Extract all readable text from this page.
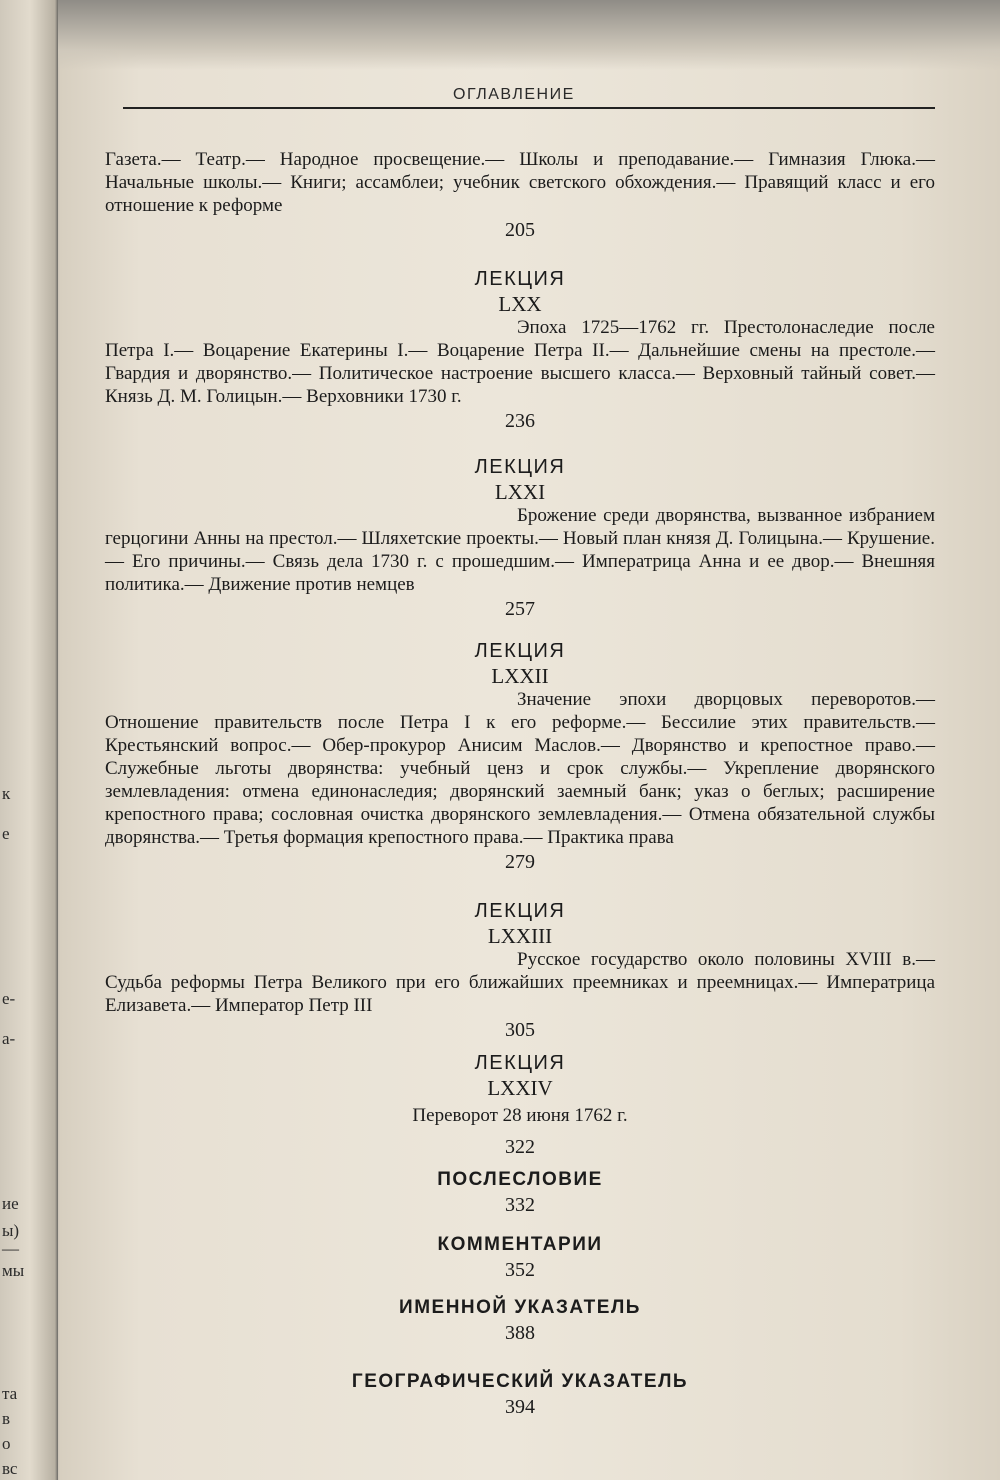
к
е
е-
а-
ие
ы)
—
мы
та
в
о
вс
ОГЛАВЛЕНИЕ

Газета.— Театр.— Народное просвещение.— Школы и преподавание.— Гимназия Глюка.— Начальные школы.— Книги; ассамблеи; учебник светского обхождения.— Правящий класс и его отношение к реформе

205
ЛЕКЦИЯ
LXX

Эпоха 1725—1762 гг. Престолонаследие после Петра I.— Воцарение Екатерины I.— Воцарение Петра II.— Дальнейшие смены на престоле.— Гвардия и дворянство.— Политическое настроение высшего класса.— Верховный тайный совет.— Князь Д. М. Голицын.— Верховники 1730 г.

236
ЛЕКЦИЯ
LXXI

Брожение среди дворянства, вызванное избранием герцогини Анны на престол.— Шляхетские проекты.— Новый план князя Д. Голицына.— Крушение.— Его причины.— Связь дела 1730 г. с прошедшим.— Императрица Анна и ее двор.— Внешняя политика.— Движение против немцев

257
ЛЕКЦИЯ
LXXII

Значение эпохи дворцовых переворотов.— Отношение правительств после Петра I к его реформе.— Бессилие этих правительств.— Крестьянский вопрос.— Обер-прокурор Анисим Маслов.— Дворянство и крепостное право.— Служебные льготы дворянства: учебный ценз и срок службы.— Укрепление дворянского землевладения: отмена единонаследия; дворянский заемный банк; указ о беглых; расширение крепостного права; сословная очистка дворянского землевладения.— Отмена обязательной службы дворянства.— Третья формация крепостного права.— Практика права

279
ЛЕКЦИЯ
LXXIII

Русское государство около половины XVIII в.— Судьба реформы Петра Великого при его ближайших преемниках и преемницах.— Императрица Елизавета.— Император Петр III

305
ЛЕКЦИЯ
LXXIV
Переворот 28 июня 1762 г.
322
ПОСЛЕСЛОВИЕ
332
КОММЕНТАРИИ
352
ИМЕННОЙ УКАЗАТЕЛЬ
388
ГЕОГРАФИЧЕСКИЙ УКАЗАТЕЛЬ
394
